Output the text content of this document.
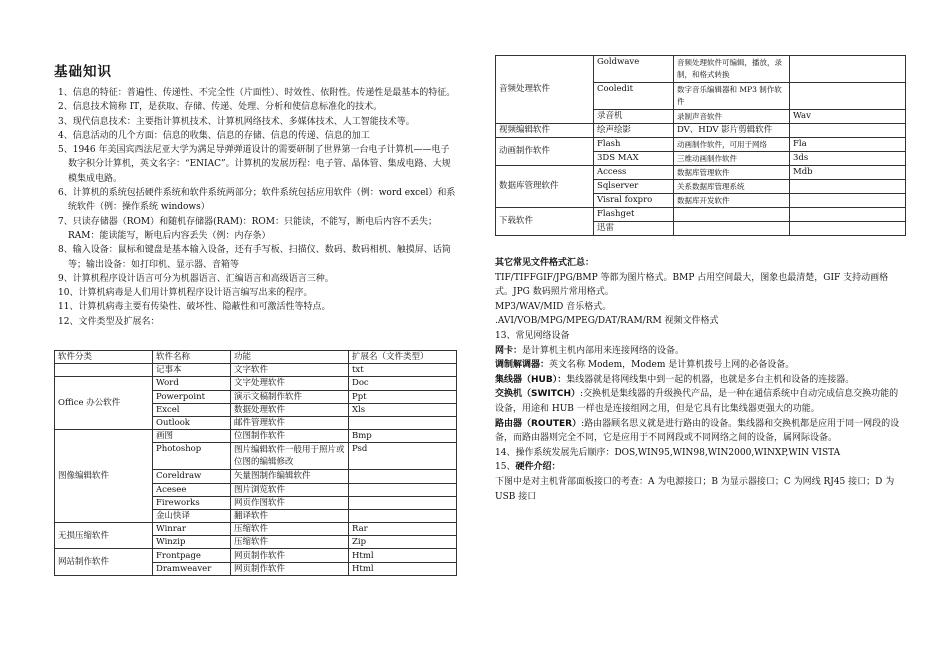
基础知识
1、信息的特征：普遍性、传递性、不完全性（片面性）、时效性、依附性。传递性是最基本的特征。
2、信息技术简称 IT，是获取、存储、传递、处理、分析和使信息标准化的技术。
3、现代信息技术：主要指计算机技术、计算机网络技术、多媒体技术、人工智能技术等。
4、信息活动的几个方面：信息的收集、信息的存储、信息的传递、信息的加工
5、1946 年美国宾西法尼亚大学为满足导弹弹道设计的需要研制了世界第一台电子计算机——电子数字积分计算机，英文名字：“ENIAC”。计算机的发展历程：电子管、晶体管、集成电路、大规模集成电路。
6、计算机的系统包括硬件系统和软件系统两部分；软件系统包括应用软件（例：word excel）和系统软件（例：操作系统 windows）
7、只读存储器（ROM）和随机存储器(RAM)：ROM：只能读，不能写，断电后内容不丢失；RAM：能读能写，断电后内容丢失（例：内存条）
8、输入设备：鼠标和键盘是基本输入设备，还有手写板、扫描仪、数码、数码相机、触摸屏、话筒等；输出设备：如打印机、显示器、音箱等
9、计算机程序设计语言可分为机器语言、汇编语言和高级语言三种。
10、计算机病毒是人们用计算机程序设计语言编写出来的程序。
11、计算机病毒主要有传染性、破坏性、隐蔽性和可激活性等特点。
12、文件类型及扩展名：
软件分类	软件名称	功能	扩展名（文件类型）
	记事本	文字软件	txt
Office 办公软件	Word	文字处理软件	Doc
	Powerpoint	演示文稿制作软件	Ppt
	Excel	数据处理软件	Xls
	Outlook	邮件管理软件	
图像编辑软件	画图	位图制作软件	Bmp
	Photoshop	图片编辑软件一般用于照片或位图的编辑修改	Psd
	Coreldraw	矢量图制作编辑软件	
	Acesee	图片浏览软件	
	Fireworks	网页作图软件	
	金山快译	翻译软件	
无损压缩软件	Winrar	压缩软件	Rar
	Winzip	压缩软件	Zip
网站制作软件	Frontpage	网页制作软件	Html
	Dramweaver	网页制作软件	Html
音频处理软件	Goldwave	音频处理软件可编辑，播放，录制，和格式转换	
	Cooledit	数字音乐编辑器和 MP3 制作软件	
	录音机	录制声音软件	Wav
视频编辑软件	绘声绘影	DV、HDV 影片剪辑软件	
动画制作软件	Flash	动画制作软件，可用于网络	Fla
	3DS MAX	三维动画制作软件	3ds
数据库管理软件	Access	数据库管理软件	Mdb
	Sqlserver	关系数据库管理系统	
	Visral foxpro	数据库开发软件	
下载软件	Flashget		
	迅雷		
其它常见文件格式汇总：
TIF/TIFFGIF/JPG/BMP 等都为图片格式。BMP 占用空间最大，图象也最清楚，GIF 支持动画格式。JPG 数码照片常用格式。
MP3/WAV/MID 音乐格式。
.AVI/VOB/MPG/MPEG/DAT/RAM/RM 视频文件格式
13、常见网络设备
网卡：是计算机主机内部用来连接网络的设备。
调制解调器：英文名称 Modem，Modem 是计算机拨号上网的必备设备。
集线器（HUB）：集线器就是将网线集中到一起的机器，也就是多台主机和设备的连接器。
交换机（SWITCH）:交换机是集线器的升级换代产品，是一种在通信系统中自动完成信息交换功能的设备，用途和 HUB 一样也是连接组网之用，但是它具有比集线器更强大的功能。
路由器（ROUTER）:路由器顾名思义就是进行路由的设备。集线器和交换机都是应用于同一网段的设备，而路由器则完全不同，它是应用于不同网段或不同网络之间的设备，属网际设备。
14、操作系统发展先后顺序：DOS,WIN95,WIN98,WIN2000,WINXP,WIN VISTA
15、硬件介绍：
下图中是对主机背部面板接口的考查：A 为电源接口；B 为显示器接口；C 为网线 RJ45 接口；D 为 USB 接口
